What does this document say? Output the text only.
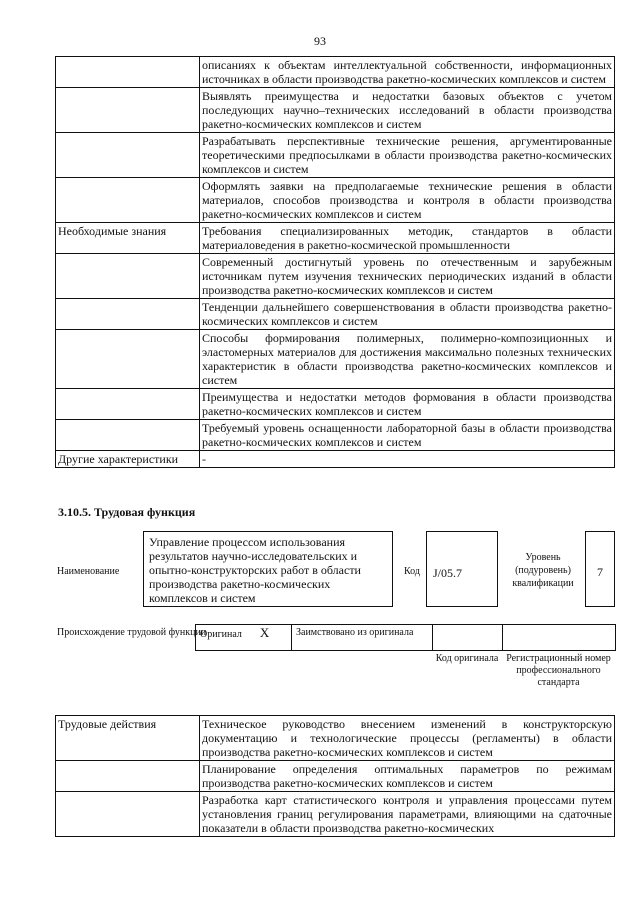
93
	описаниях к объектам интеллектуальной собственности, информационных источниках в области производства ракетно-космических комплексов и систем
	Выявлять преимущества и недостатки базовых объектов с учетом последующих научно–технических исследований в области производства ракетно-космических комплексов и систем
	Разрабатывать перспективные технические решения, аргументированные теоретическими предпосылками в области производства ракетно-космических комплексов и систем
	Оформлять заявки на предполагаемые технические решения в области материалов, способов производства и контроля в области производства ракетно-космических комплексов и систем
Необходимые знания	Требования специализированных методик, стандартов в области материаловедения в ракетно-космической промышленности
	Современный достигнутый уровень по отечественным и зарубежным источникам путем изучения технических периодических изданий в области производства ракетно-космических комплексов и систем
	Тенденции дальнейшего совершенствования в области производства ракетно-космических комплексов и систем
	Способы формирования полимерных, полимерно-композиционных и эластомерных материалов для достижения максимально полезных технических характеристик в области производства ракетно-космических комплексов и систем
	Преимущества и недостатки методов формования в области производства ракетно-космических комплексов и систем
	Требуемый уровень оснащенности лабораторной базы в области производства ракетно-космических комплексов и систем
Другие характеристики	-
3.10.5. Трудовая функция
Наименование
Управление процессом использования результатов научно-исследовательских и опытно-конструкторских работ в области производства ракетно-космических комплексов и систем
Код	J/05.7
Уровень (подуровень) квалификации
7
Происхождение трудовой функции
Оригинал X	Заимствовано из оригинала		
Код оригинала Регистрационный номер профессионального стандарта
Трудовые действия	Техническое руководство внесением изменений в конструкторскую документацию и технологические процессы (регламенты) в области производства ракетно-космических комплексов и систем
	Планирование определения оптимальных параметров по режимам производства ракетно-космических комплексов и систем
	Разработка карт статистического контроля и управления процессами путем установления границ регулирования параметрами, влияющими на сдаточные показатели в области производства ракетно-космических
